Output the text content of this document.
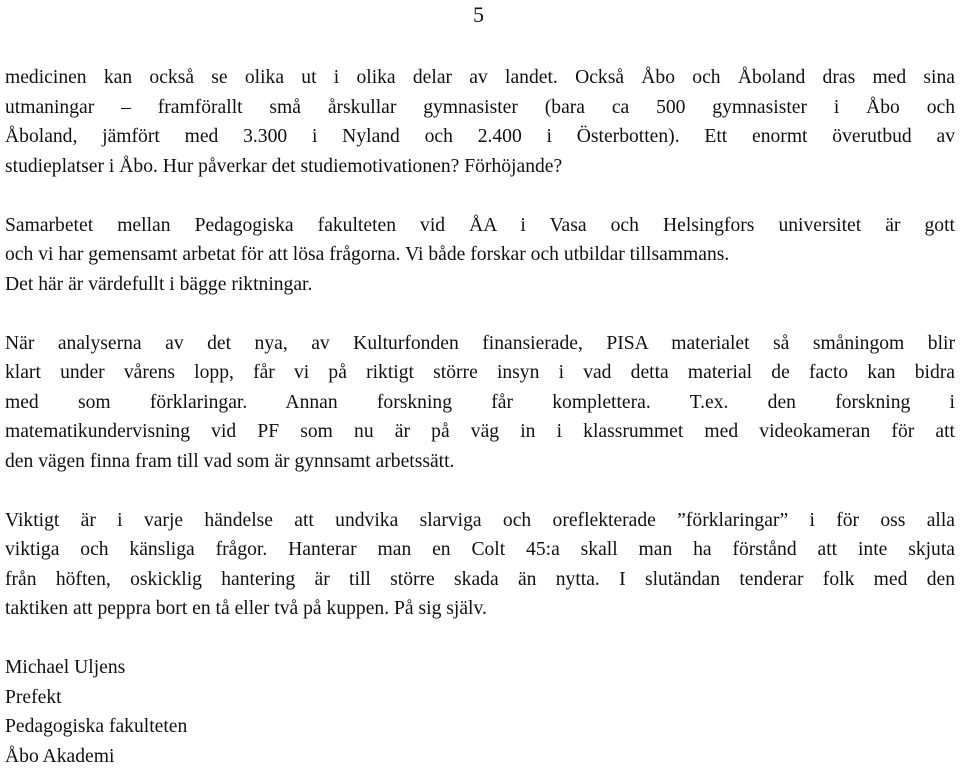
5
medicinen kan också se olika ut i olika delar av landet. Också Åbo och Åboland dras med sina
utmaningar – framförallt små årskullar gymnasister (bara ca 500 gymnasister i Åbo och
Åboland, jämfört med 3.300 i Nyland och 2.400 i Österbotten). Ett enormt överutbud av
studieplatser i Åbo. Hur påverkar det studiemotivationen? Förhöjande?
Samarbetet mellan Pedagogiska fakulteten vid ÅA i Vasa och Helsingfors universitet är gott
och vi har gemensamt arbetat för att lösa frågorna. Vi både forskar och utbildar tillsammans.
Det här är värdefullt i bägge riktningar.
När analyserna av det nya, av Kulturfonden finansierade, PISA materialet så småningom blir
klart under vårens lopp, får vi på riktigt större insyn i vad detta material de facto kan bidra
med som förklaringar. Annan forskning får komplettera. T.ex. den forskning i
matematikundervisning vid PF som nu är på väg in i klassrummet med videokameran för att
den vägen finna fram till vad som är gynnsamt arbetssätt.
Viktigt är i varje händelse att undvika slarviga och oreflekterade ”förklaringar” i för oss alla
viktiga och känsliga frågor. Hanterar man en Colt 45:a skall man ha förstånd att inte skjuta
från höften, oskicklig hantering är till större skada än nytta. I slutändan tenderar folk med den
taktiken att peppra bort en tå eller två på kuppen. På sig själv.
Michael Uljens
Prefekt
Pedagogiska fakulteten
Åbo Akademi
